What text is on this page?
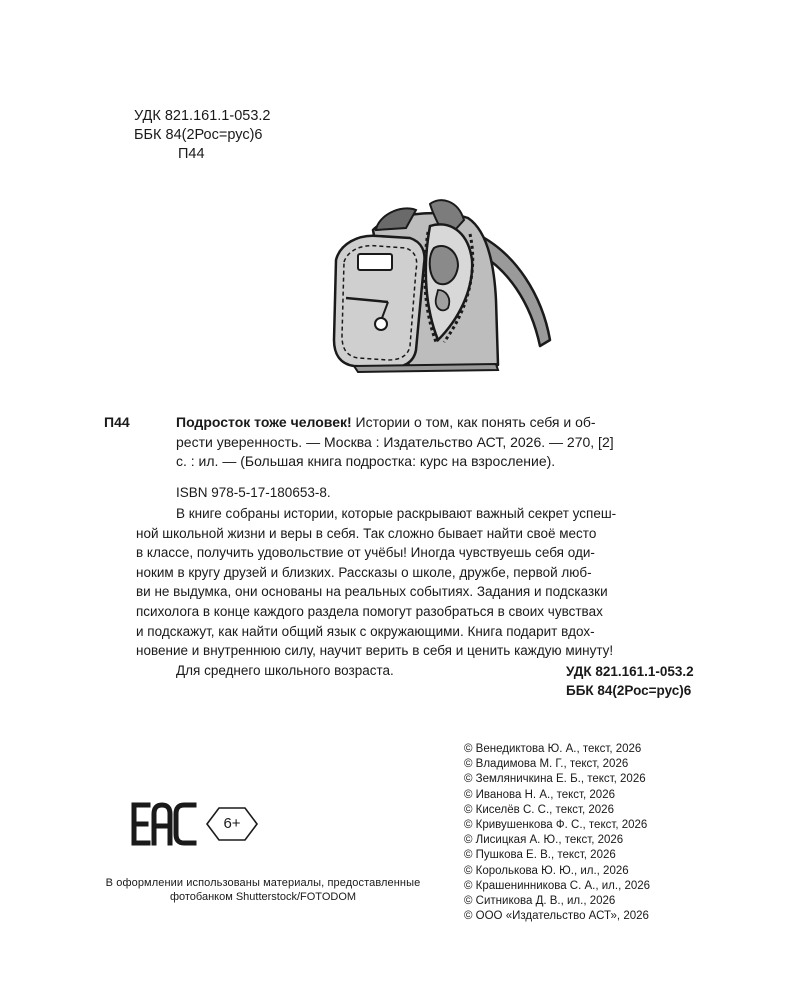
УДК 821.161.1-053.2
ББК 84(2Рос=рус)6
П44
П44	Подросток тоже человек! Истории о том, как понять себя и об-
рести уверенность. — Москва : Издательство АСТ, 2026. — 270, [2]
с. : ил. — (Большая книга подростка: курс на взросление).
ISBN 978-5-17-180653-8.
В книге собраны истории, которые раскрывают важный секрет успеш-
ной школьной жизни и веры в себя. Так сложно бывает найти своё место
в классе, получить удовольствие от учёбы! Иногда чувствуешь себя оди-
ноким в кругу друзей и близких. Рассказы о школе, дружбе, первой люб-
ви не выдумка, они основаны на реальных событиях. Задания и подсказки
психолога в конце каждого раздела помогут разобраться в своих чувствах
и подскажут, как найти общий язык с окружающими. Книга подарит вдох-
новение и внутреннюю силу, научит верить в себя и ценить каждую минуту!
Для среднего школьного возраста.	УДК 821.161.1-053.2
ББК 84(2Рос=рус)6
© Венедиктова Ю. А., текст, 2026
© Владимова М. Г., текст, 2026
© Земляничкина Е. Б., текст, 2026
© Иванова Н. А., текст, 2026
© Киселёв С. С., текст, 2026
© Кривушенкова Ф. С., текст, 2026
© Лисицкая А. Ю., текст, 2026
© Пушкова Е. В., текст, 2026
© Королькова Ю. Ю., ил., 2026
© Крашенинникова С. А., ил., 2026
© Ситникова Д. В., ил., 2026
© ООО «Издательство АСТ», 2026
6+
В оформлении использованы материалы, предоставленные
фотобанком Shutterstock/FOTODOM
